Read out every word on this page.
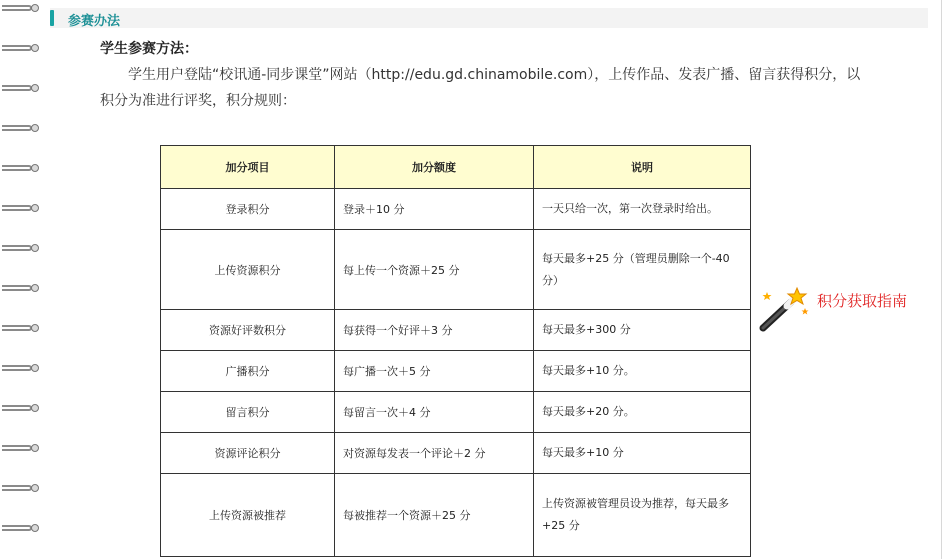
参赛办法
学生参赛方法：
学生用户登陆“校讯通-同步课堂”网站（http://edu.gd.chinamobile.com），上传作品、发表广播、留言获得积分，以积分为准进行评奖，积分规则：
加分项目	加分额度	说明
登录积分	登录＋10 分	一天只给一次，第一次登录时给出。
上传资源积分	每上传一个资源＋25 分	每天最多+25 分（管理员删除一个-40 分）
资源好评数积分	每获得一个好评＋3 分	每天最多+300 分
广播积分	每广播一次＋5 分	每天最多+10 分。
留言积分	每留言一次＋4 分	每天最多+20 分。
资源评论积分	对资源每发表一个评论＋2 分	每天最多+10 分
上传资源被推荐	每被推荐一个资源＋25 分	上传资源被管理员设为推荐，每天最多+25 分
积分获取指南
